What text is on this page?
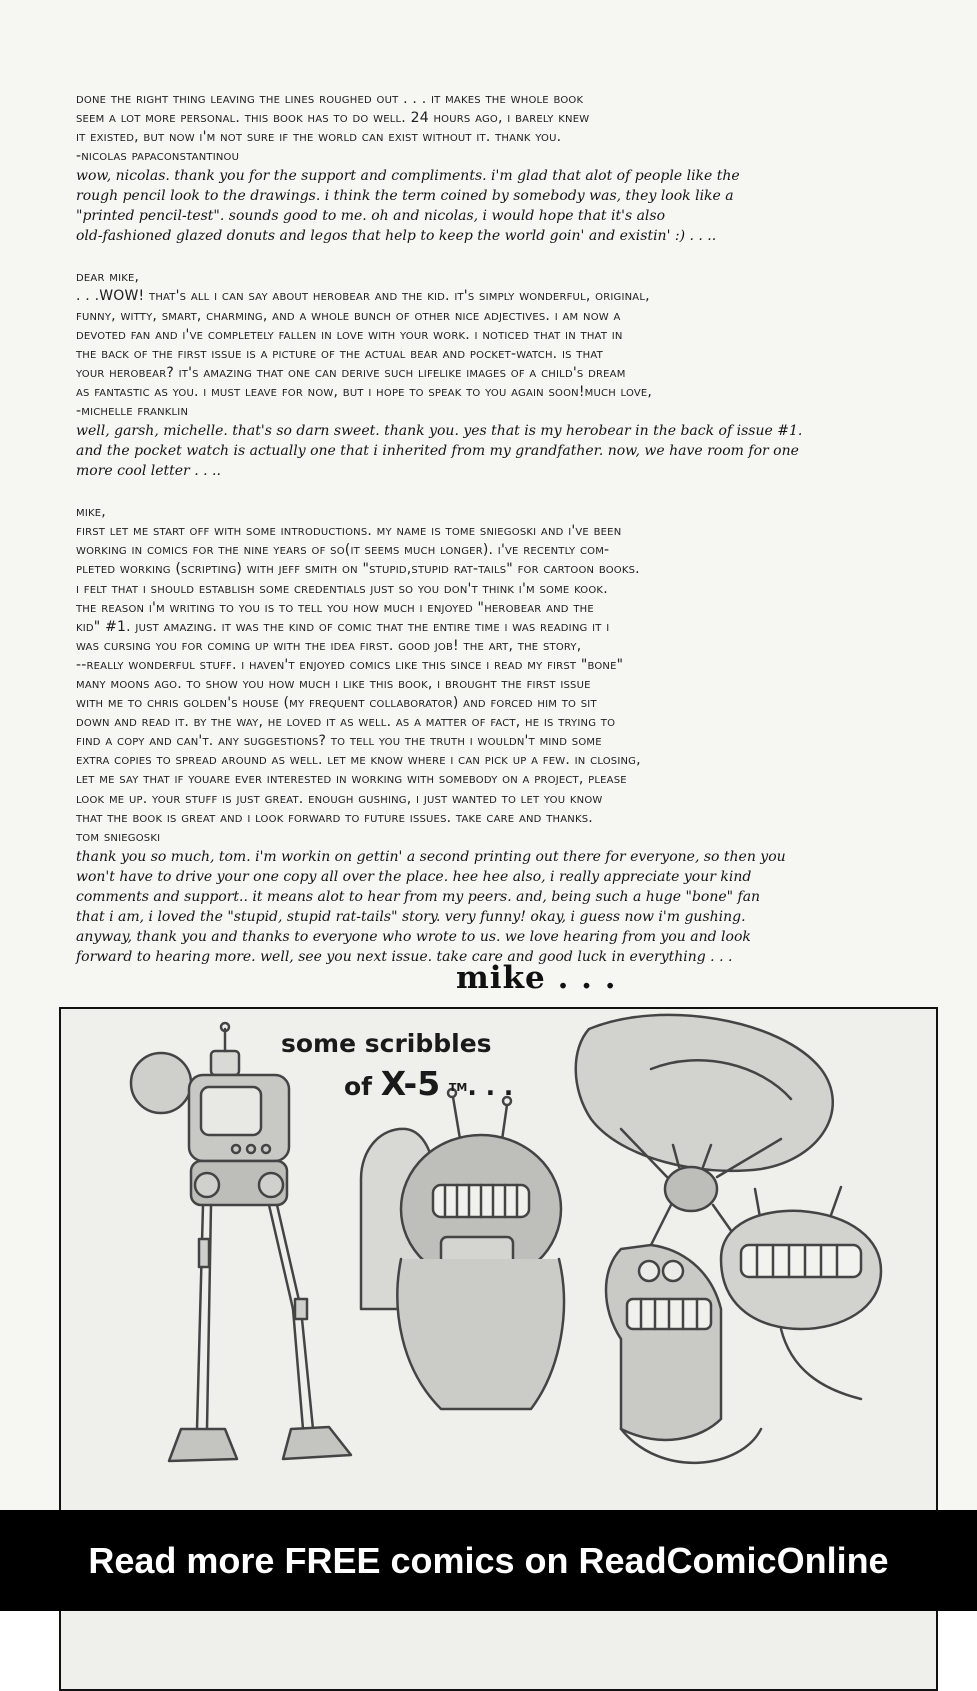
done the right thing leaving the lines roughed out . . . it makes the whole book
seem a lot more personal. this book has to do well. 24 hours ago, i barely knew
it existed, but now i'm not sure if the world can exist without it. thank you.
-nicolas papaconstantinou

wow, nicolas. thank you for the support and compliments. i'm glad that alot of people like the
rough pencil look to the drawings. i think the term coined by somebody was, they look like a
"printed pencil-test". sounds good to me. oh and nicolas, i would hope that it's also
old-fashioned glazed donuts and legos that help to keep the world goin' and existin' :) . . ..

dear mike,
. . .WOW! that's all i can say about herobear and the kid. it's simply wonderful, original,
funny, witty, smart, charming, and a whole bunch of other nice adjectives. i am now a
devoted fan and i've completely fallen in love with your work. i noticed that in that in
the back of the first issue is a picture of the actual bear and pocket-watch. is that
your herobear? it's amazing that one can derive such lifelike images of a child's dream
as fantastic as you. i must leave for now, but i hope to speak to you again soon!much love,
-michelle franklin

well, garsh, michelle. that's so darn sweet. thank you. yes that is my herobear in the back of issue #1.
and the pocket watch is actually one that i inherited from my grandfather. now, we have room for one
more cool letter . . ..

mike,
first let me start off with some introductions. my name is tome sniegoski and i've been
working in comics for the nine years of so(it seems much longer). i've recently com-
pleted working (scripting) with jeff smith on "stupid,stupid rat-tails" for cartoon books.
i felt that i should establish some credentials just so you don't think i'm some kook.
the reason i'm writing to you is to tell you how much i enjoyed "herobear and the
kid" #1. just amazing. it was the kind of comic that the entire time i was reading it i
was cursing you for coming up with the idea first. good job! the art, the story,
--really wonderful stuff. i haven't enjoyed comics like this since i read my first "bone"
many moons ago. to show you how much i like this book, i brought the first issue
with me to chris golden's house (my frequent collaborator) and forced him to sit
down and read it. by the way, he loved it as well. as a matter of fact, he is trying to
find a copy and can't. any suggestions? to tell you the truth i wouldn't mind some
extra copies to spread around as well. let me know where i can pick up a few. in closing,
let me say that if youare ever interested in working with somebody on a project, please
look me up. your stuff is just great. enough gushing, i just wanted to let you know
that the book is great and i look forward to future issues. take care and thanks.
tom sniegoski

thank you so much, tom. i'm workin on gettin' a second printing out there for everyone, so then you
won't have to drive your one copy all over the place. hee hee also, i really appreciate your kind
comments and support.. it means alot to hear from my peers. and, being such a huge "bone" fan
that i am, i loved the "stupid, stupid rat-tails" story. very funny! okay, i guess now i'm gushing.
anyway, thank you and thanks to everyone who wrote to us. we love hearing from you and look
forward to hearing more. well, see you next issue. take care and good luck in everything . . .

mike . . .
some scribbles
of X-5 TM. . .
Read more FREE comics on ReadComicOnline
